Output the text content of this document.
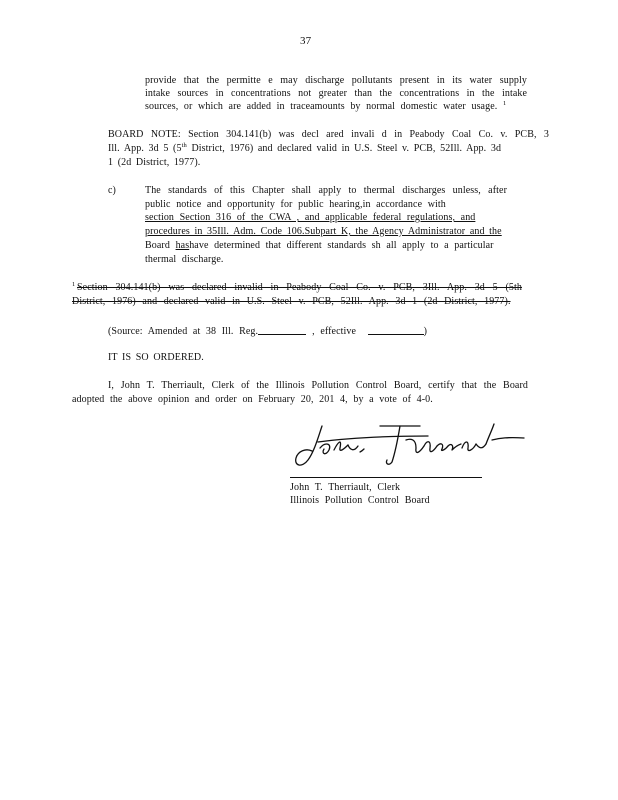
37
provide that the permitte e may discharge pollutants present in its water supply
intake sources in concentrations not greater than the concentrations in the intake
sources, or which are added in traceamounts by normal domestic water usage. $^1$
BOARD NOTE: Section 304.141(b) was decl ared invali d in Peabody Coal Co. v. PCB, 3
Ill. App. 3d 5 (5th District, 1976) and declared valid in U.S. Steel v. PCB, 52Ill. App. 3d
1 (2d District, 1977).
c)	The standards of this Chapter shall apply to thermal discharges unless, after
public notice and opportunity for public hearing,in accordance with
section Section 316 of the CWA , and applicable federal regulations, and
procedures in 35Ill. Adm. Code 106.Subpart K, the Agency Administrator and the
Board hashave determined that different standards sh all apply to a particular
thermal discharge.
$^1$ Section 304.141(b) was declared invalid in Peabody Coal Co. v. PCB, 3Ill. App. 3d 5 (5th
District, 1976) and declared valid in U.S. Steel v. PCB, 52Ill. App. 3d 1 (2d District, 1977).
(Source: Amended at 38 Ill. Reg.	, effective	)
IT IS SO ORDERED.
I, John T. Therriault, Clerk of the Illinois Pollution Control Board, certify that the Board
adopted the above opinion and order on February 20, 201 4, by a vote of 4-0.
John T. Therriault, Clerk
Illinois Pollution Control Board
